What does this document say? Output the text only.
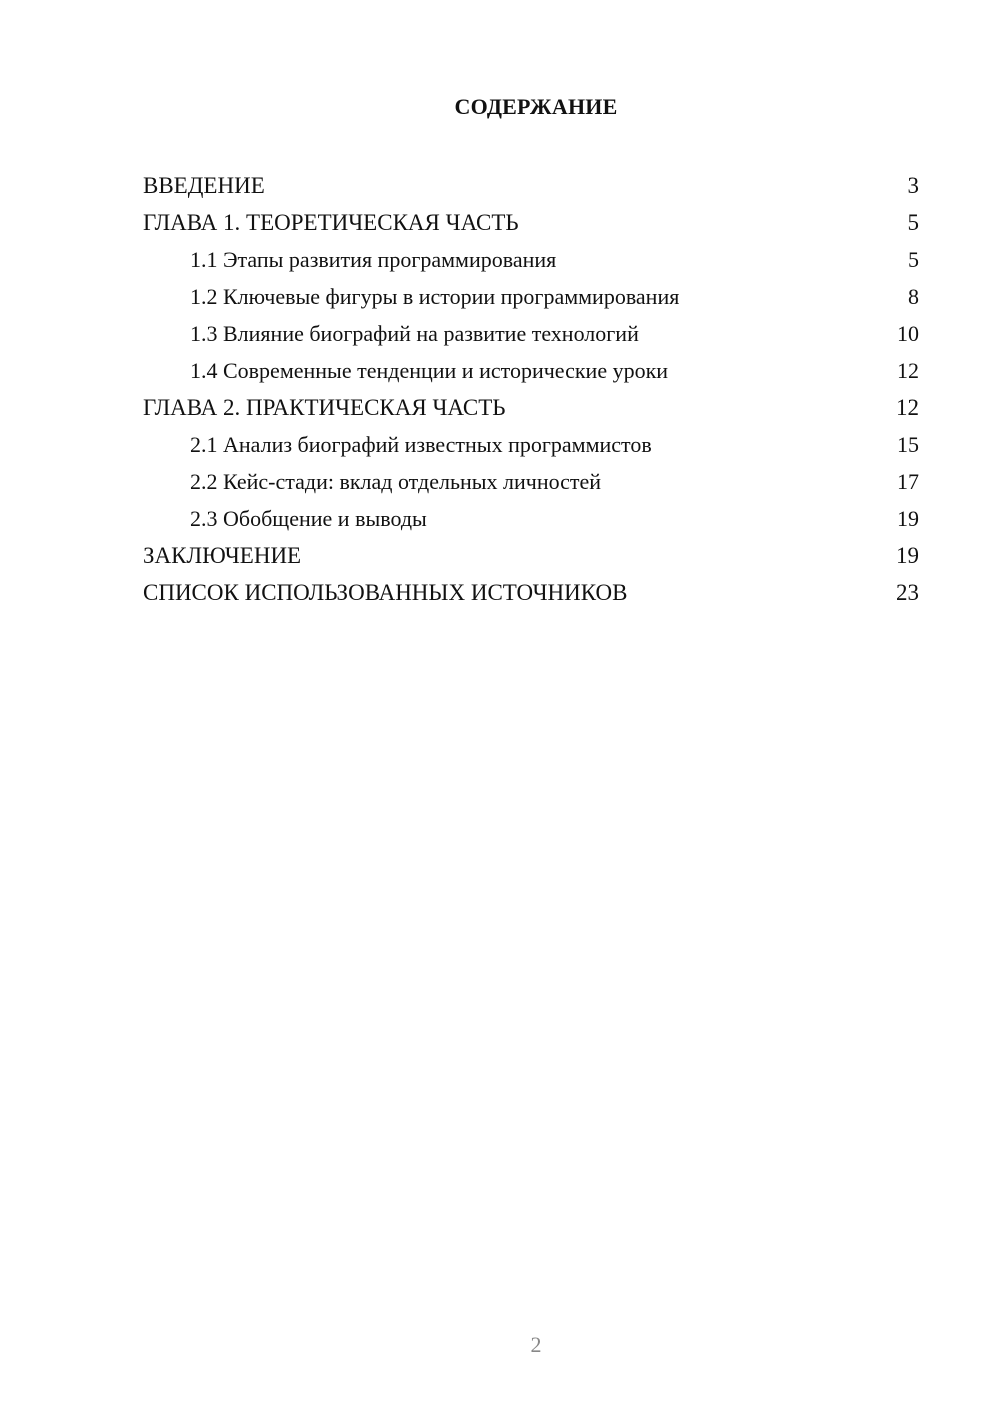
СОДЕРЖАНИЕ
ВВЕДЕНИЕ	3
ГЛАВА 1. ТЕОРЕТИЧЕСКАЯ ЧАСТЬ	5
1.1 Этапы развития программирования	5
1.2 Ключевые фигуры в истории программирования	8
1.3 Влияние биографий на развитие технологий	10
1.4 Современные тенденции и исторические уроки	12
ГЛАВА 2. ПРАКТИЧЕСКАЯ ЧАСТЬ	12
2.1 Анализ биографий известных программистов	15
2.2 Кейс-стади: вклад отдельных личностей	17
2.3 Обобщение и выводы	19
ЗАКЛЮЧЕНИЕ	19
СПИСОК ИСПОЛЬЗОВАННЫХ ИСТОЧНИКОВ	23
2
